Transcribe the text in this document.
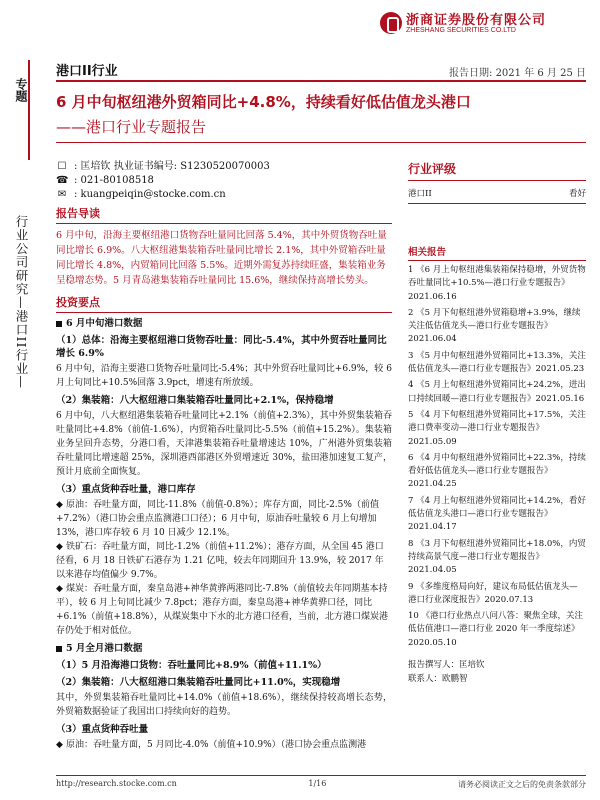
浙商证券股份有限公司
ZHESHANG SECURITIES CO.LTD
专题
行业公司研究—港口II行业—
港口II行业	报告日期: 2021 年 6 月 25 日
6 月中旬枢纽港外贸箱同比+4.8%，持续看好低估值龙头港口
——港口行业专题报告
☐ : 匡培钦 执业证书编号: S1230520070003
☎ : 021-80108518
✉ : kuangpeiqin@stocke.com.cn
报告导读
6 月中旬，沿海主要枢纽港口货物吞吐量同比回落 5.4%，其中外贸货物吞吐量同比增长 6.9%。八大枢纽港集装箱吞吐量同比增长 2.1%，其中外贸箱吞吐量同比增长 4.8%，内贸箱同比回落 5.5%。近期外需复苏持续旺盛，集装箱业务呈稳增态势。5 月青岛港集装箱吞吐量同比 15.6%，继续保持高增长势头。
投资要点
6 月中旬港口数据
（1）总体：沿海主要枢纽港口货物吞吐量：同比-5.4%，其中外贸吞吐量同比增长 6.9%
6 月中旬，沿海主要港口货物吞吐量同比-5.4%；其中外贸吞吐量同比+6.9%，较 6 月上旬同比+10.5%回落 3.9pct，增速有所放缓。
（2）集装箱：八大枢纽港口集装箱吞吐量同比+2.1%，保持稳增
6 月中旬，八大枢纽港集装箱吞吐量同比+2.1%（前值+2.3%），其中外贸集装箱吞吐量同比+4.8%（前值-1.6%），内贸箱吞吐量同比-5.5%（前值+15.2%）。集装箱业务呈回升态势，分港口看，天津港集装箱吞吐量增速达 10%，广州港外贸集装箱吞吐量同比增速超 25%，深圳港西部港区外贸增速近 30%，盐田港加速复工复产，预计月底前全面恢复。
（3）重点货种吞吐量，港口库存
◆ 原油：吞吐量方面，同比-11.8%（前值-0.8%）；库存方面，同比-2.5%（前值+7.2%）（港口协会重点监测港口口径）；6 月中旬，原油吞吐量较 6 月上旬增加 13%，港口库存较 6 月 10 日减少 12.1%。
◆ 铁矿石：吞吐量方面，同比-1.2%（前值+11.2%）；港存方面，从全国 45 港口径看，6 月 18 日铁矿石港存为 1.21 亿吨，较去年同期回升 13.9%，较 2017 年以来港存均值偏少 9.7%。
◆ 煤炭：吞吐量方面，秦皇岛港+神华黄骅两港同比-7.8%（前值较去年同期基本持平），较 6 月上旬同比减少 7.8pct；港存方面，秦皇岛港+神华黄骅口径，同比+6.1%（前值+18.8%），从煤炭集中下水的北方港口径看，当前，北方港口煤炭港存仍处于相对低位。
5 月全月港口数据
（1）5 月沿海港口货物：吞吐量同比+8.9%（前值+11.1%）
（2）集装箱：八大枢纽港口集装箱吞吐量同比+11.0%，实现稳增
其中，外贸集装箱吞吐量同比+14.0%（前值+18.6%），继续保持较高增长态势，外贸箱数据验证了我国出口持续向好的趋势。
（3）重点货种吞吐量
◆ 原油：吞吐量方面，5 月同比-4.0%（前值+10.9%）（港口协会重点监测港
行业评级
港口II	看好
相关报告
1 《6 月上旬枢纽港集装箱保持稳增，外贸货物吞吐量同比+10.5%—港口行业专题报告》2021.06.16
2 《5 月下旬枢纽港外贸箱稳增+3.9%，继续关注低估值龙头—港口行业专题报告》2021.06.04
3 《5 月中旬枢纽港外贸箱同比+13.3%，关注低估值龙头—港口行业专题报告》2021.05.23
4 《5 月上旬枢纽港外贸箱同比+24.2%，进出口持续回暖—港口行业专题报告》2021.05.16
5 《4 月下旬枢纽港外贸箱同比+17.5%，关注港口费率变动—港口行业专题报告》2021.05.09
6 《4 月中旬枢纽港外贸箱同比+22.3%，持续看好低估值龙头—港口行业专题报告》2021.04.25
7 《4 月上旬枢纽港外贸箱同比+14.2%，看好低估值龙头港口—港口行业专题报告》2021.04.17
8 《3 月下旬枢纽港外贸箱同比+18.0%，内贸持续高景气度—港口行业专题报告》2021.04.05
9 《多维度格局向好，建议布局低估值龙头—港口行业深度报告》2020.07.13
10 《港口行业热点八问八答：聚焦全球，关注低估值港口—港口行业 2020 年一季度综述》2020.05.10
报告撰写人：匡培钦
联系人：欧鹏智
http://research.stocke.com.cn	1/16	请务必阅读正文之后的免责条款部分
